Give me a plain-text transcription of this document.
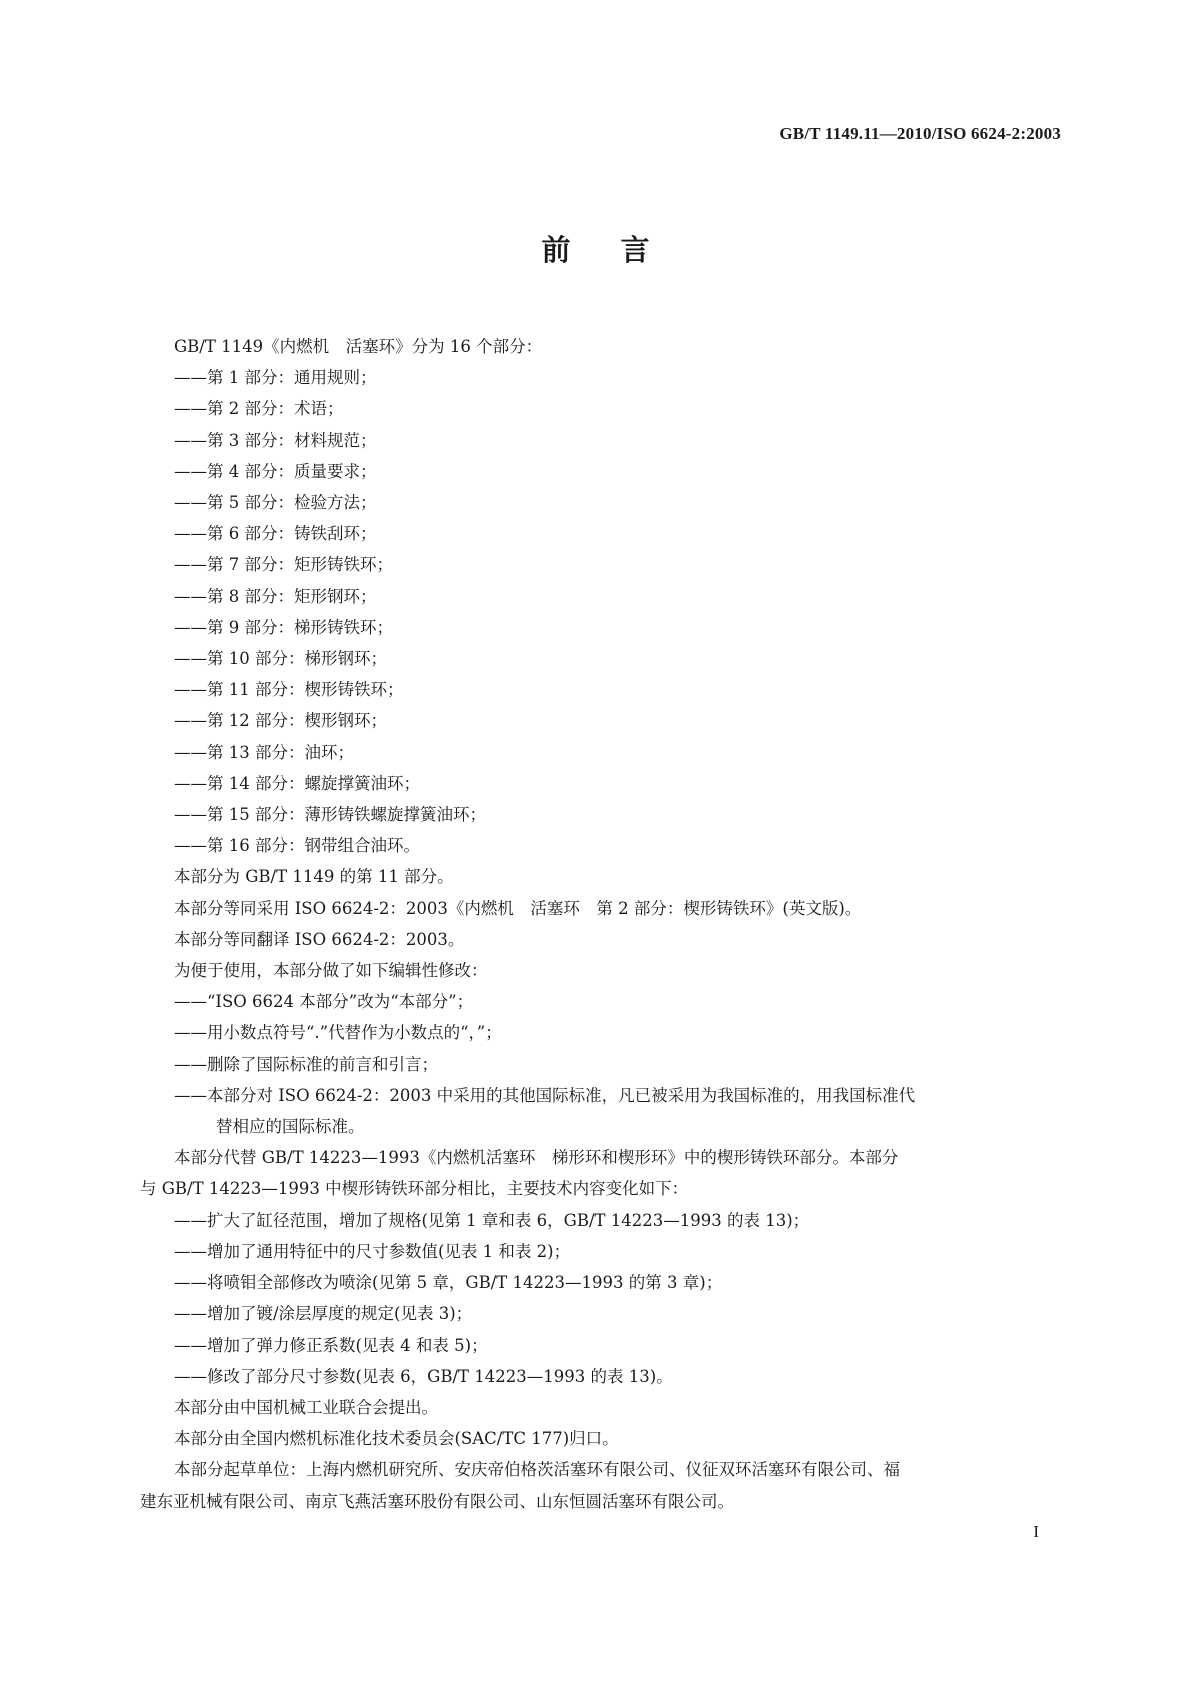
GB/T 1149.11—2010/ISO 6624-2:2003
前言
GB/T 1149《内燃机　活塞环》分为 16 个部分：
——第 1 部分：通用规则；
——第 2 部分：术语；
——第 3 部分：材料规范；
——第 4 部分：质量要求；
——第 5 部分：检验方法；
——第 6 部分：铸铁刮环；
——第 7 部分：矩形铸铁环；
——第 8 部分：矩形钢环；
——第 9 部分：梯形铸铁环；
——第 10 部分：梯形钢环；
——第 11 部分：楔形铸铁环；
——第 12 部分：楔形钢环；
——第 13 部分：油环；
——第 14 部分：螺旋撑簧油环；
——第 15 部分：薄形铸铁螺旋撑簧油环；
——第 16 部分：钢带组合油环。
本部分为 GB/T 1149 的第 11 部分。
本部分等同采用 ISO 6624-2：2003《内燃机　活塞环　第 2 部分：楔形铸铁环》(英文版)。
本部分等同翻译 ISO 6624-2：2003。
为便于使用，本部分做了如下编辑性修改：
——“ISO 6624 本部分”改为“本部分”；
——用小数点符号“.”代替作为小数点的“，”；
——删除了国际标准的前言和引言；
——本部分对 ISO 6624-2：2003 中采用的其他国际标准，凡已被采用为我国标准的，用我国标准代
替相应的国际标准。
本部分代替 GB/T 14223—1993《内燃机活塞环　梯形环和楔形环》中的楔形铸铁环部分。本部分
与 GB/T 14223—1993 中楔形铸铁环部分相比，主要技术内容变化如下：
——扩大了缸径范围，增加了规格(见第 1 章和表 6，GB/T 14223—1993 的表 13)；
——增加了通用特征中的尺寸参数值(见表 1 和表 2)；
——将喷钼全部修改为喷涂(见第 5 章，GB/T 14223—1993 的第 3 章)；
——增加了镀/涂层厚度的规定(见表 3)；
——增加了弹力修正系数(见表 4 和表 5)；
——修改了部分尺寸参数(见表 6，GB/T 14223—1993 的表 13)。
本部分由中国机械工业联合会提出。
本部分由全国内燃机标准化技术委员会(SAC/TC 177)归口。
本部分起草单位：上海内燃机研究所、安庆帝伯格茨活塞环有限公司、仪征双环活塞环有限公司、福
建东亚机械有限公司、南京飞燕活塞环股份有限公司、山东恒圆活塞环有限公司。
I
